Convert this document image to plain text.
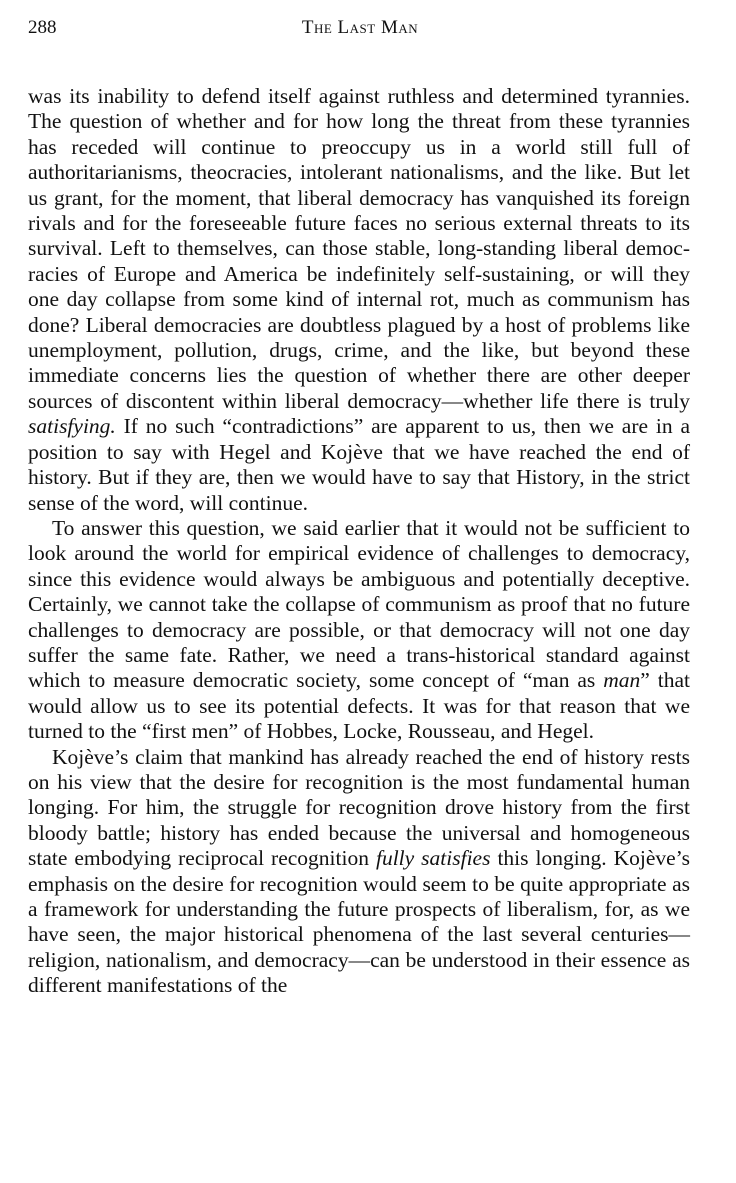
288	The Last Man

was its inability to defend itself against ruthless and determined tyrannies. The question of whether and for how long the threat from these tyrannies has receded will continue to preoccupy us in a world still full of authoritarianisms, theocracies, intolerant nationalisms, and the like. But let us grant, for the moment, that liberal democracy has vanquished its foreign rivals and for the foreseeable future faces no serious external threats to its survival. Left to themselves, can those stable, long-standing liberal democracies of Europe and America be indefinitely self-sustaining, or will they one day collapse from some kind of internal rot, much as communism has done? Liberal democracies are doubtless plagued by a host of problems like unemployment, pollution, drugs, crime, and the like, but beyond these immediate concerns lies the question of whether there are other deeper sources of discontent within liberal democracy—whether life there is truly satisfying. If no such “contradictions” are apparent to us, then we are in a position to say with Hegel and Kojève that we have reached the end of history. But if they are, then we would have to say that History, in the strict sense of the word, will continue.

To answer this question, we said earlier that it would not be sufficient to look around the world for empirical evidence of challenges to democracy, since this evidence would always be ambiguous and potentially deceptive. Certainly, we cannot take the collapse of communism as proof that no future challenges to democracy are possible, or that democracy will not one day suffer the same fate. Rather, we need a trans-historical standard against which to measure democratic society, some concept of “man as man” that would allow us to see its potential defects. It was for that reason that we turned to the “first men” of Hobbes, Locke, Rousseau, and Hegel.

Kojève’s claim that mankind has already reached the end of history rests on his view that the desire for recognition is the most fundamental human longing. For him, the struggle for recognition drove history from the first bloody battle; history has ended because the universal and homogeneous state embodying reciprocal recognition fully satisfies this longing. Kojève’s emphasis on the desire for recognition would seem to be quite appropriate as a framework for understanding the future prospects of liberalism, for, as we have seen, the major historical phenomena of the last several centuries—religion, nationalism, and democracy—can be understood in their essence as different manifestations of the
